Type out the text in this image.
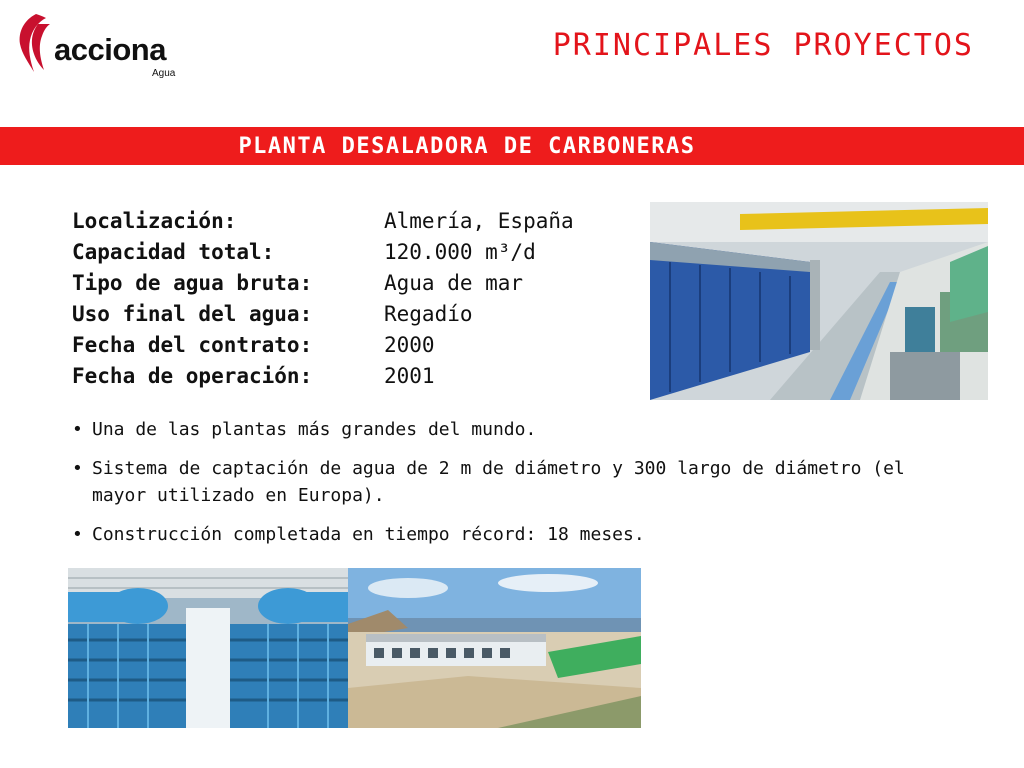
acciona
Agua
PRINCIPALES PROYECTOS
PLANTA DESALADORA DE CARBONERAS
Localización:	Almería, España
Capacidad total:	120.000 m³/d
Tipo de agua bruta:	Agua de mar
Uso final del agua:	Regadío
Fecha del contrato:	2000
Fecha de operación:	2001
• Una de las plantas más grandes del mundo.
• Sistema de captación de agua de 2 m de diámetro y 300 largo de diámetro (el mayor utilizado en Europa).
• Construcción completada en tiempo récord: 18 meses.
